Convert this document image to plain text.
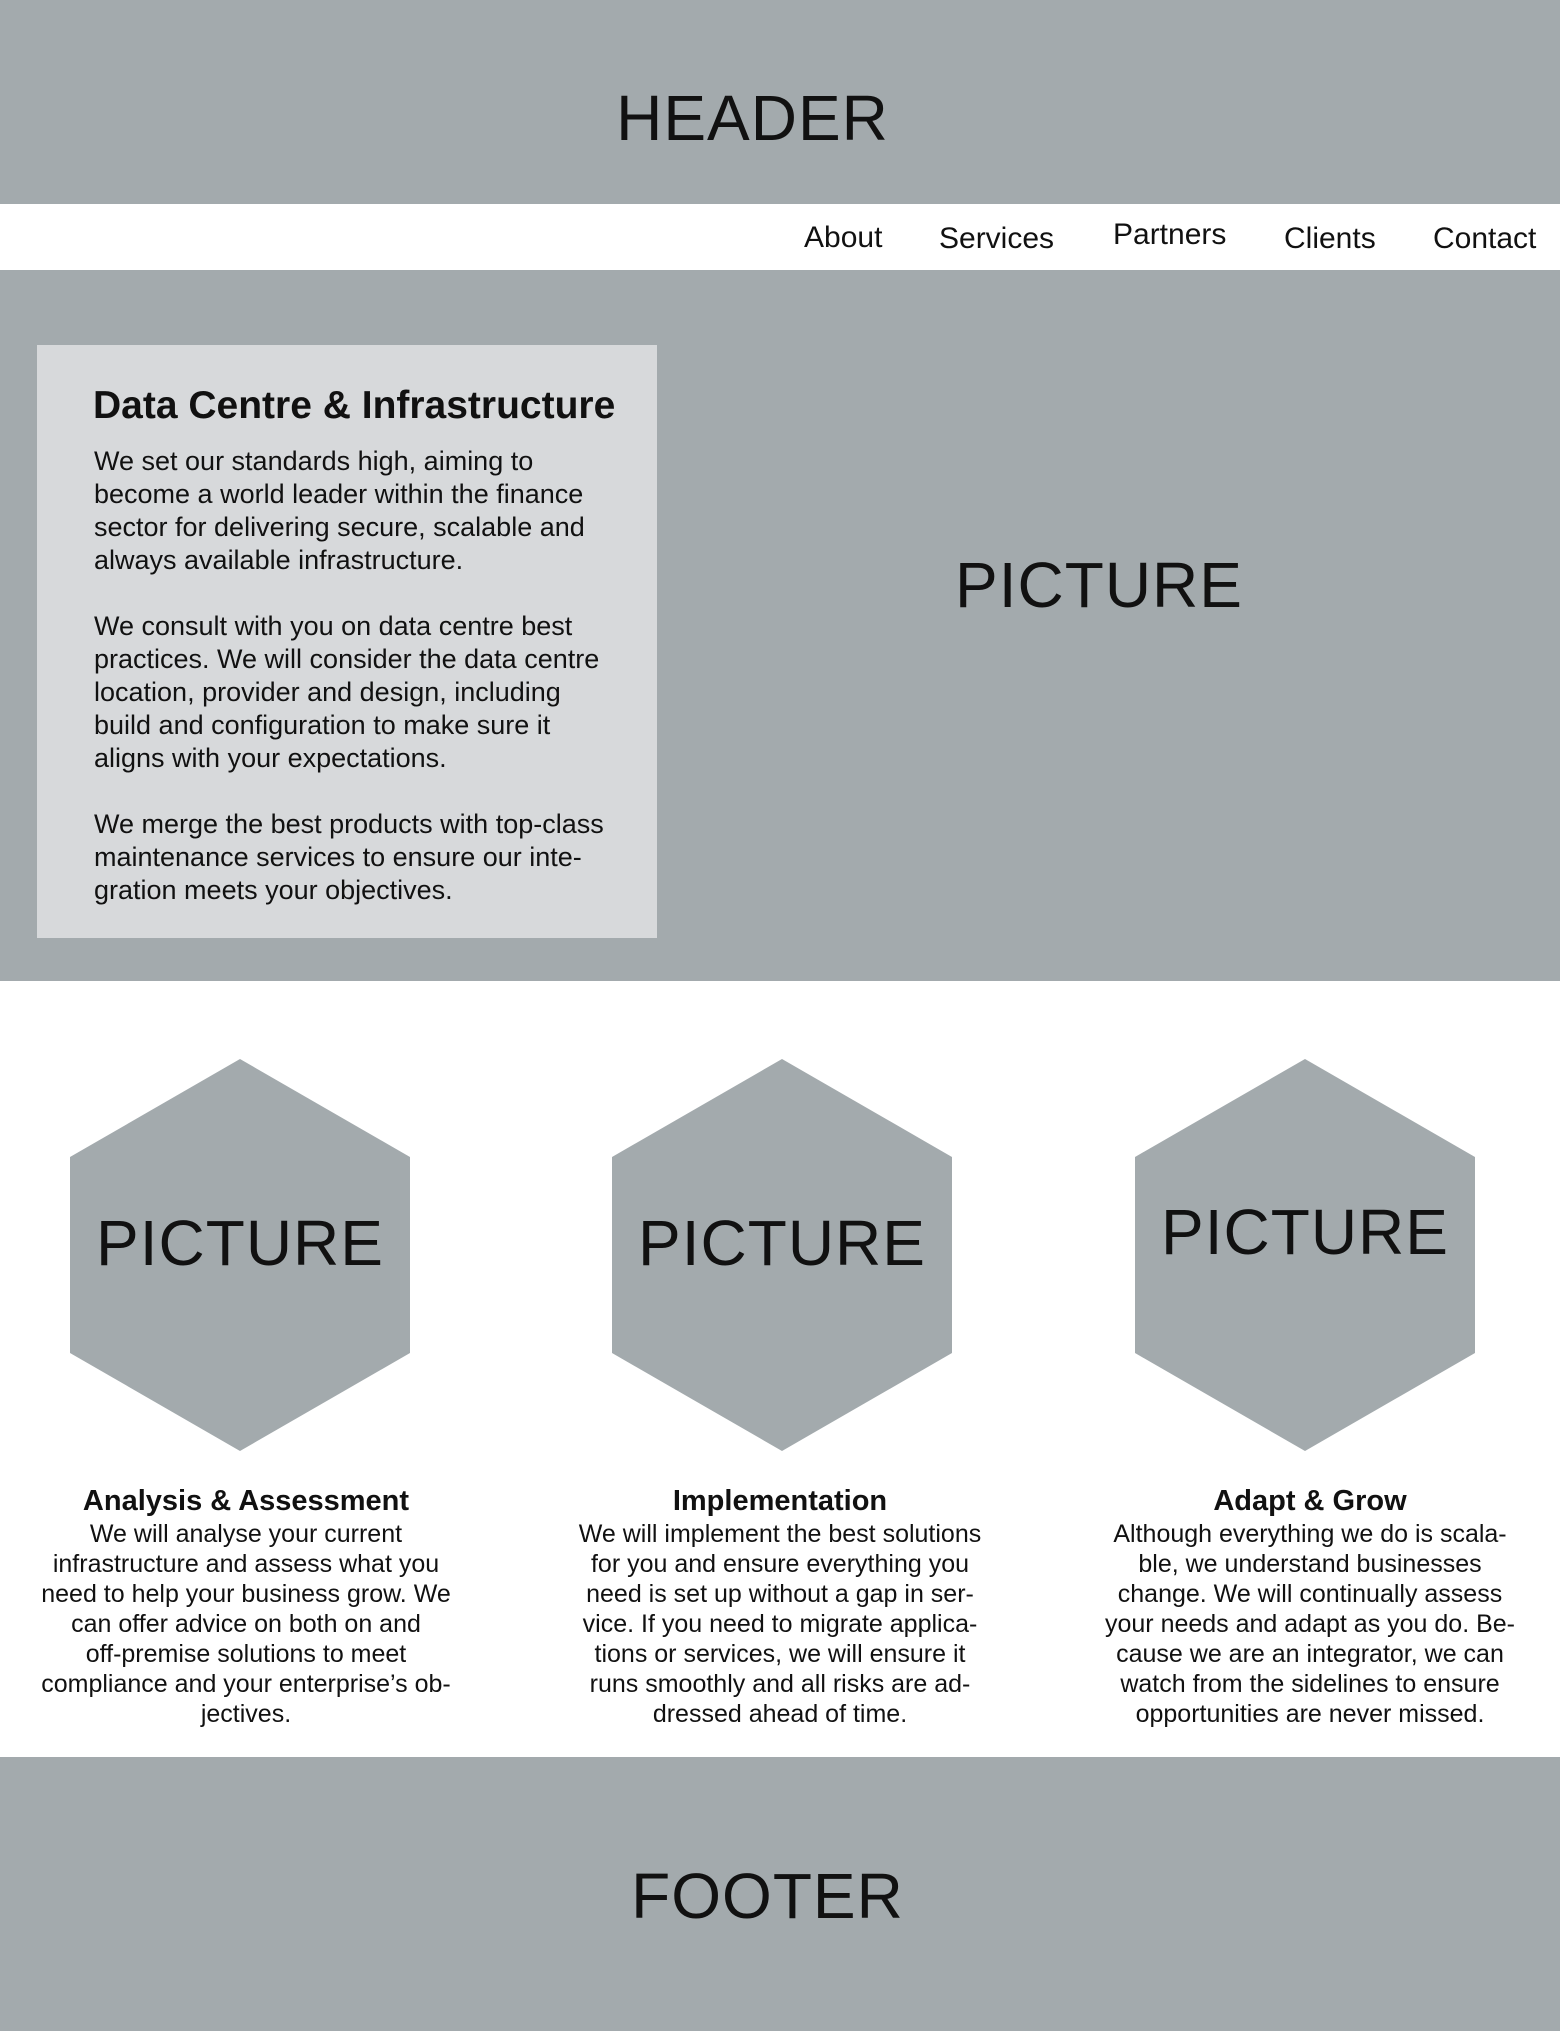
HEADER
About Services Partners Clients Contact
Data Centre & Infrastructure

We set our standards high, aiming to
become a world leader within the finance
sector for delivering secure, scalable and
always available infrastructure.

We consult with you on data centre best
practices. We will consider the data centre
location, provider and design, including
build and configuration to make sure it
aligns with your expectations.

We merge the best products with top-class
maintenance services to ensure our inte-
gration meets your objectives.

PICTURE
PICTURE	PICTURE	PICTURE
Analysis & Assessment

We will analyse your current
infrastructure and assess what you
need to help your business grow. We
can offer advice on both on and
off-premise solutions to meet
compliance and your enterprise’s ob-
jectives.

Implementation

We will implement the best solutions
for you and ensure everything you
need is set up without a gap in ser-
vice. If you need to migrate applica-
tions or services, we will ensure it
runs smoothly and all risks are ad-
dressed ahead of time.

Adapt & Grow

Although everything we do is scala-
ble, we understand businesses
change. We will continually assess
your needs and adapt as you do. Be-
cause we are an integrator, we can
watch from the sidelines to ensure
opportunities are never missed.

FOOTER
